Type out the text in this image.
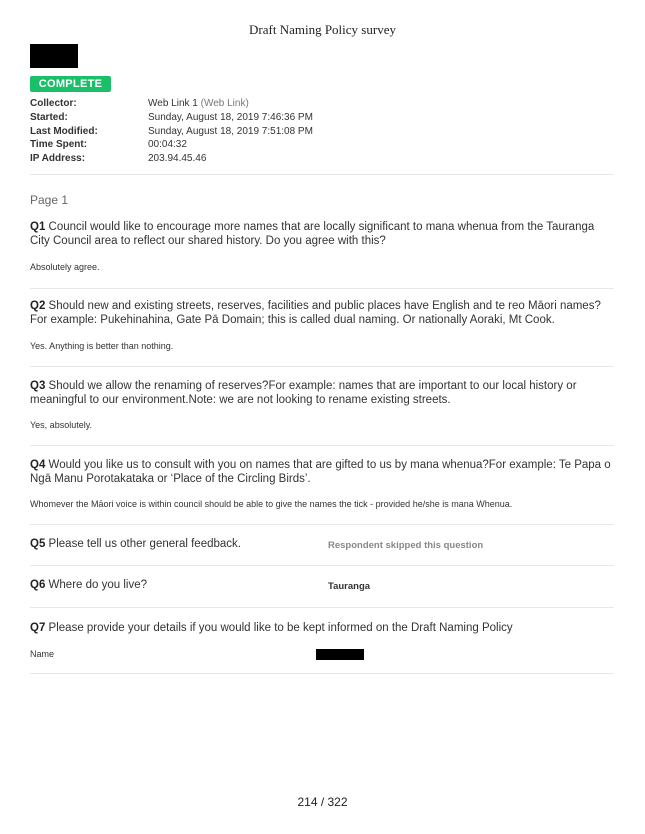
Draft Naming Policy survey
COMPLETE
Collector:	Web Link 1 (Web Link)
Started:	Sunday, August 18, 2019 7:46:36 PM
Last Modified:	Sunday, August 18, 2019 7:51:08 PM
Time Spent:	00:04:32
IP Address:	203.94.45.46
Page 1
Q1 Council would like to encourage more names that are locally significant to mana whenua from the Tauranga City Council area to reflect our shared history. Do you agree with this?
Absolutely agree.
Q2 Should new and existing streets, reserves, facilities and public places have English and te reo Māori names?For example: Pukehinahina, Gate Pā Domain; this is called dual naming. Or nationally Aoraki, Mt Cook.
Yes. Anything is better than nothing.
Q3 Should we allow the renaming of reserves?For example: names that are important to our local history or meaningful to our environment.Note: we are not looking to rename existing streets.
Yes, absolutely.
Q4 Would you like us to consult with you on names that are gifted to us by mana whenua?For example: Te Papa o Ngā Manu Porotakataka or ‘Place of the Circling Birds’.
Whomever the Māori voice is within council should be able to give the names the tick - provided he/she is mana Whenua.
Q5 Please tell us other general feedback.	Respondent skipped this question
Q6 Where do you live?	Tauranga
Q7 Please provide your details if you would like to be kept informed on the Draft Naming Policy
Name
214 / 322
